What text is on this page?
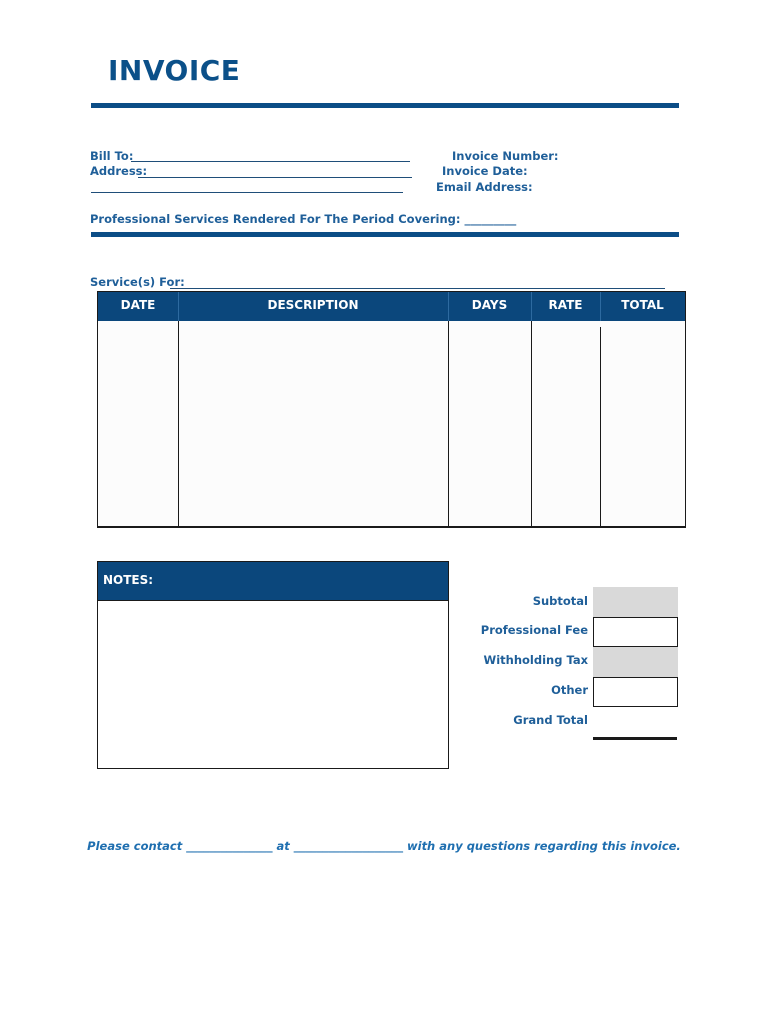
INVOICE
Bill To:
Address:
Invoice Number:
Invoice Date:
Email Address:
Professional Services Rendered For The Period Covering: _________
Service(s) For:
DATE	DESCRIPTION	DAYS	RATE	TOTAL
NOTES:
Subtotal
Professional Fee
Withholding Tax
Other
Grand Total
Please contact _______________ at ___________________ with any questions regarding this invoice.
